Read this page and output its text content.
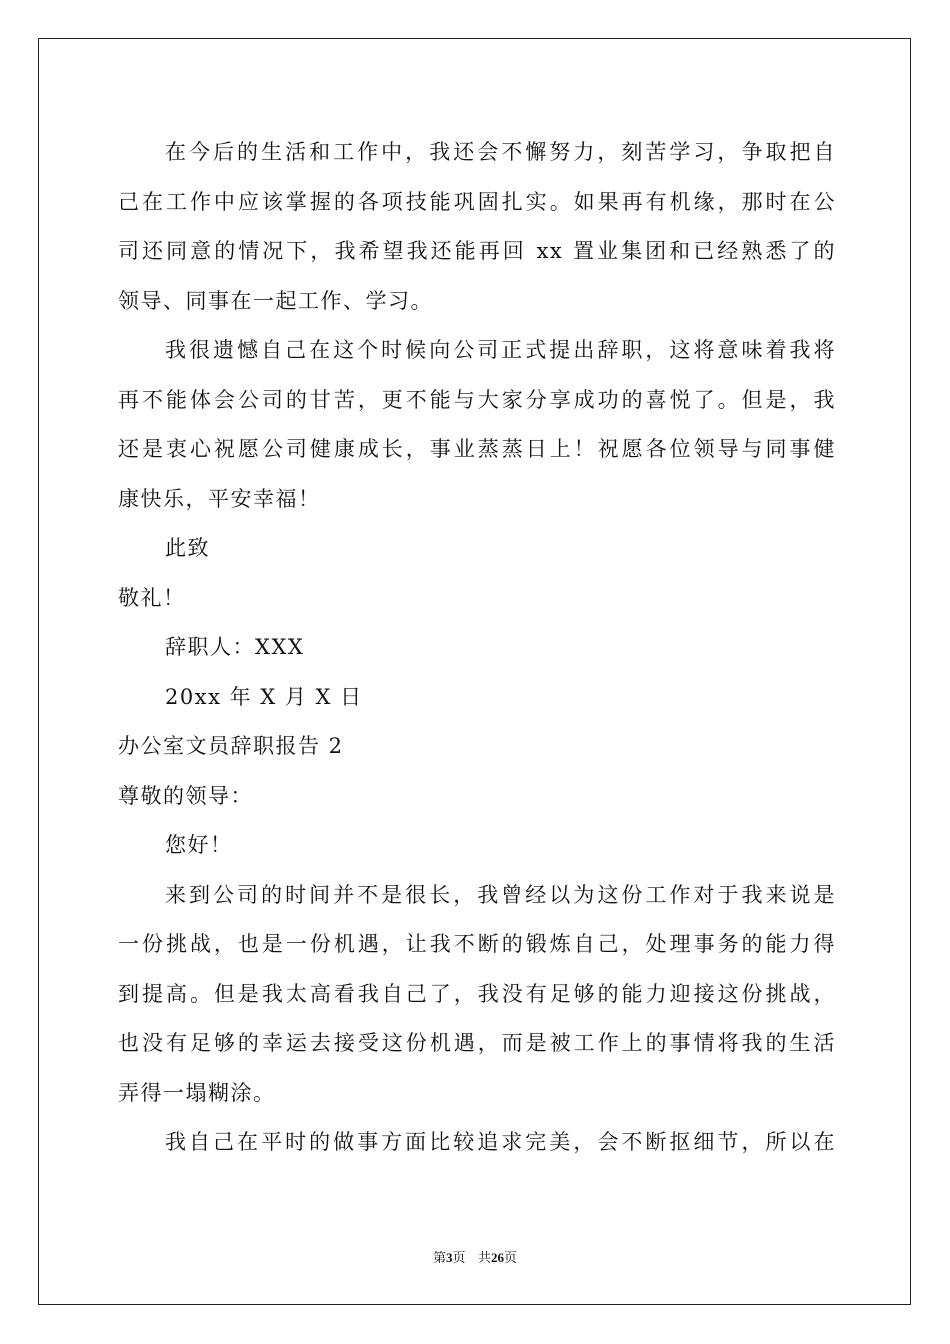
在今后的生活和工作中，我还会不懈努力，刻苦学习，争取把自
己在工作中应该掌握的各项技能巩固扎实。如果再有机缘，那时在公
司还同意的情况下，我希望我还能再回 xx 置业集团和已经熟悉了的
领导、同事在一起工作、学习。
我很遗憾自己在这个时候向公司正式提出辞职，这将意味着我将
再不能体会公司的甘苦，更不能与大家分享成功的喜悦了。但是，我
还是衷心祝愿公司健康成长，事业蒸蒸日上！祝愿各位领导与同事健
康快乐，平安幸福！
此致
敬礼！
辞职人：XXX
20xx 年 X 月 X 日
办公室文员辞职报告 2
尊敬的领导：
您好！
来到公司的时间并不是很长，我曾经以为这份工作对于我来说是
一份挑战，也是一份机遇，让我不断的锻炼自己，处理事务的能力得
到提高。但是我太高看我自己了，我没有足够的能力迎接这份挑战，
也没有足够的幸运去接受这份机遇，而是被工作上的事情将我的生活
弄得一塌糊涂。
我自己在平时的做事方面比较追求完美，会不断抠细节，所以在
第3页 共26页
